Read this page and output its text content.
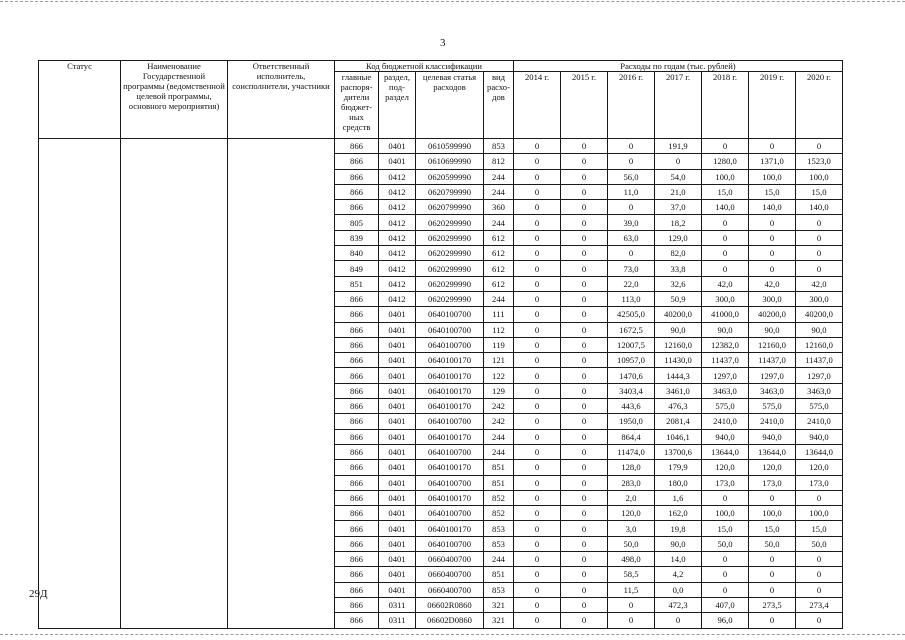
3
Статус	Наименование Государственной программы (ведомственной целевой программы, основного мероприятия)	Ответственный исполнитель, соисполнители, участники	Код бюджетной классификации				Расходы по годам (тыс. рублей)						
			главные распоря-дители бюджет-ных средств	раздел, под-раздел	целевая статья расходов	вид расхо-дов	2014 г.	2015 г.	2016 г.	2017 г.	2018 г.	2019 г.	2020 г.

			866	0401	0610599990	853	0	0	0	191,9	0	0	0
			866	0401	0610699990	812	0	0	0	0	1280,0	1371,0	1523,0
			866	0412	0620599990	244	0	0	56,0	54,0	100,0	100,0	100,0
			866	0412	0620799990	244	0	0	11,0	21,0	15,0	15,0	15,0
			866	0412	0620799990	360	0	0	0	37,0	140,0	140,0	140,0
			805	0412	0620299990	244	0	0	39,0	18,2	0	0	0
			839	0412	0620299990	612	0	0	63,0	129,0	0	0	0
			840	0412	0620299990	612	0	0	0	82,0	0	0	0
			849	0412	0620299990	612	0	0	73,0	33,8	0	0	0
			851	0412	0620299990	612	0	0	22,0	32,6	42,0	42,0	42,0
			866	0412	0620299990	244	0	0	113,0	50,9	300,0	300,0	300,0
			866	0401	0640100700	111	0	0	42505,0	40200,0	41000,0	40200,0	40200,0
			866	0401	0640100700	112	0	0	1672,5	90,0	90,0	90,0	90,0
			866	0401	0640100700	119	0	0	12007,5	12160,0	12382,0	12160,0	12160,0
			866	0401	0640100170	121	0	0	10957,0	11430,0	11437,0	11437,0	11437,0
			866	0401	0640100170	122	0	0	1470,6	1444,3	1297,0	1297,0	1297,0
			866	0401	0640100170	129	0	0	3403,4	3461,0	3463,0	3463,0	3463,0
			866	0401	0640100170	242	0	0	443,6	476,3	575,0	575,0	575,0
			866	0401	0640100700	242	0	0	1950,0	2081,4	2410,0	2410,0	2410,0
			866	0401	0640100170	244	0	0	864,4	1046,1	940,0	940,0	940,0
			866	0401	0640100700	244	0	0	11474,0	13700,6	13644,0	13644,0	13644,0
			866	0401	0640100170	851	0	0	128,0	179,9	120,0	120,0	120,0
			866	0401	0640100700	851	0	0	283,0	180,0	173,0	173,0	173,0
			866	0401	0640100170	852	0	0	2,0	1,6	0	0	0
			866	0401	0640100700	852	0	0	120,0	162,0	100,0	100,0	100,0
			866	0401	0640100170	853	0	0	3,0	19,8	15,0	15,0	15,0
			866	0401	0640100700	853	0	0	50,0	90,0	50,0	50,0	50,0
			866	0401	0660400700	244	0	0	498,0	14,0	0	0	0
			866	0401	0660400700	851	0	0	58,5	4,2	0	0	0
			866	0401	0660400700	853	0	0	11,5	0,0	0	0	0
			866	0311	06602R0860	321	0	0	0	472,3	407,0	273,5	273,4
			866	0311	06602D0860	321	0	0	0	0	96,0	0	0
29Д
